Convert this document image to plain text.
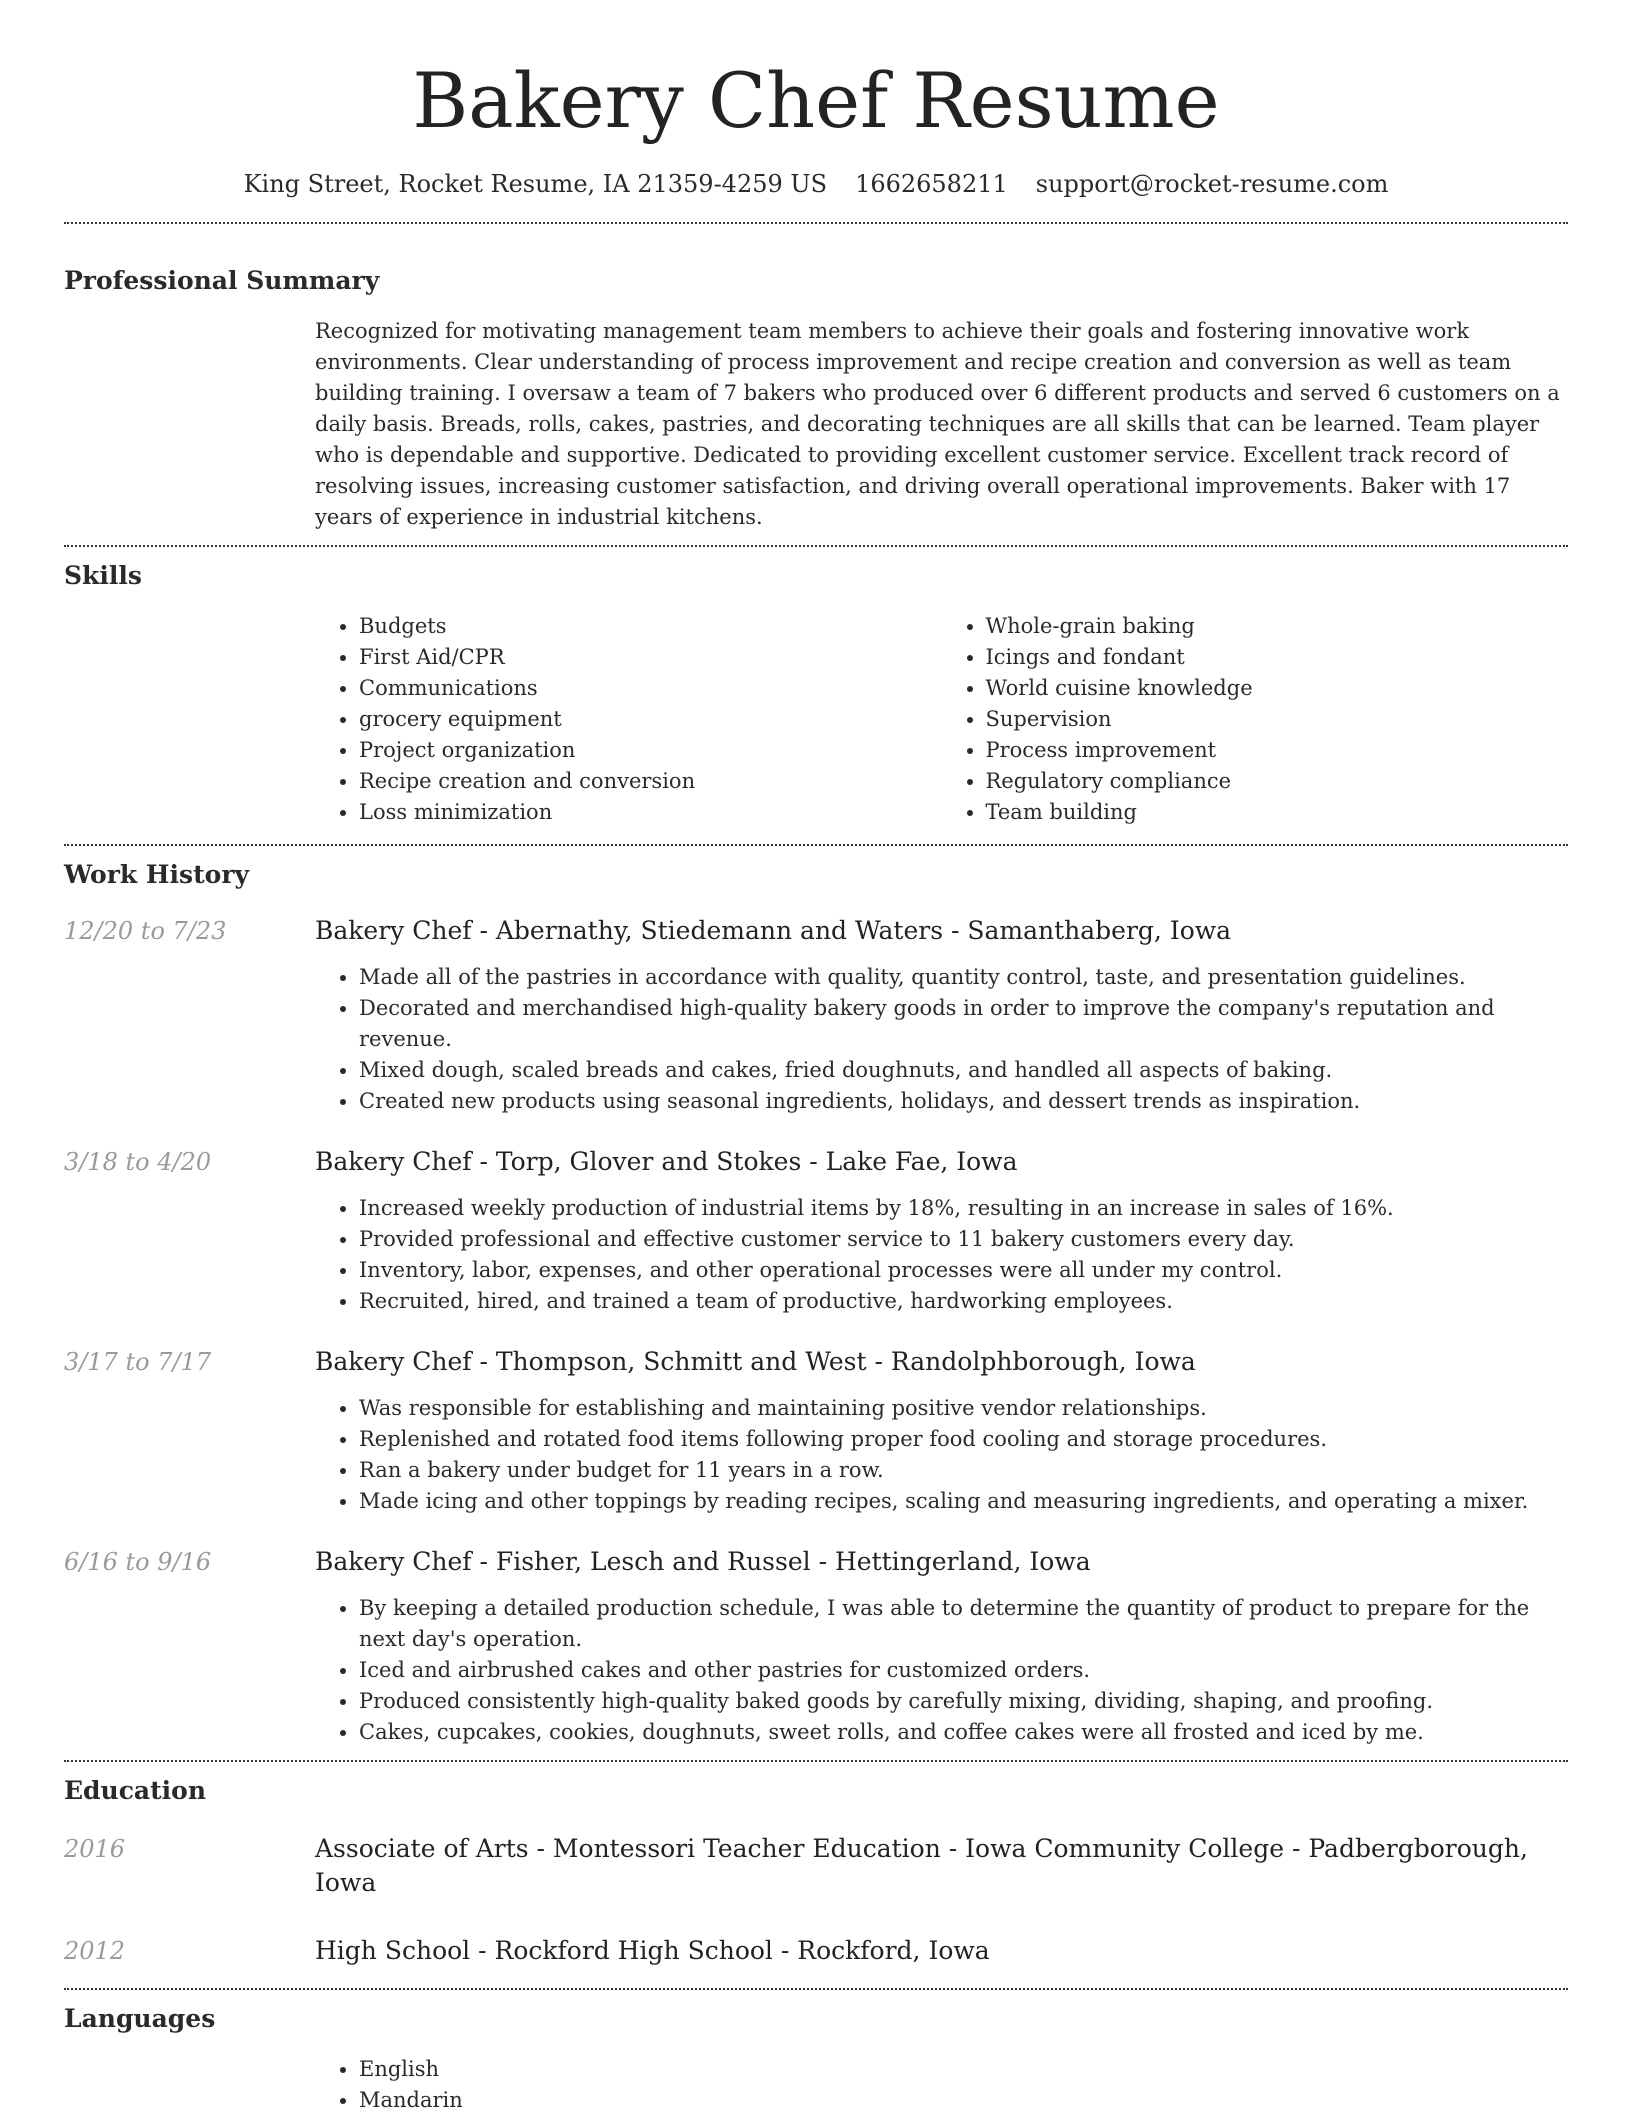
Bakery Chef Resume
King Street, Rocket Resume, IA 21359-4259 US 1662658211 support@rocket-resume.com
Professional Summary
Recognized for motivating management team members to achieve their goals and fostering innovative work environments. Clear understanding of process improvement and recipe creation and conversion as well as team building training. I oversaw a team of 7 bakers who produced over 6 different products and served 6 customers on a daily basis. Breads, rolls, cakes, pastries, and decorating techniques are all skills that can be learned. Team player who is dependable and supportive. Dedicated to providing excellent customer service. Excellent track record of resolving issues, increasing customer satisfaction, and driving overall operational improvements. Baker with 17 years of experience in industrial kitchens.
Skills
• Budgets
• First Aid/CPR
• Communications
• grocery equipment
• Project organization
• Recipe creation and conversion
• Loss minimization
• Whole-grain baking
• Icings and fondant
• World cuisine knowledge
• Supervision
• Process improvement
• Regulatory compliance
• Team building
Work History
12/20 to 7/23	Bakery Chef - Abernathy, Stiedemann and Waters - Samanthaberg, Iowa
• Made all of the pastries in accordance with quality, quantity control, taste, and presentation guidelines.
• Decorated and merchandised high-quality bakery goods in order to improve the company's reputation and revenue.
• Mixed dough, scaled breads and cakes, fried doughnuts, and handled all aspects of baking.
• Created new products using seasonal ingredients, holidays, and dessert trends as inspiration.
3/18 to 4/20	Bakery Chef - Torp, Glover and Stokes - Lake Fae, Iowa
• Increased weekly production of industrial items by 18%, resulting in an increase in sales of 16%.
• Provided professional and effective customer service to 11 bakery customers every day.
• Inventory, labor, expenses, and other operational processes were all under my control.
• Recruited, hired, and trained a team of productive, hardworking employees.
3/17 to 7/17	Bakery Chef - Thompson, Schmitt and West - Randolphborough, Iowa
• Was responsible for establishing and maintaining positive vendor relationships.
• Replenished and rotated food items following proper food cooling and storage procedures.
• Ran a bakery under budget for 11 years in a row.
• Made icing and other toppings by reading recipes, scaling and measuring ingredients, and operating a mixer.
6/16 to 9/16	Bakery Chef - Fisher, Lesch and Russel - Hettingerland, Iowa
• By keeping a detailed production schedule, I was able to determine the quantity of product to prepare for the next day's operation.
• Iced and airbrushed cakes and other pastries for customized orders.
• Produced consistently high-quality baked goods by carefully mixing, dividing, shaping, and proofing.
• Cakes, cupcakes, cookies, doughnuts, sweet rolls, and coffee cakes were all frosted and iced by me.
Education
2016	Associate of Arts - Montessori Teacher Education - Iowa Community College - Padbergborough, Iowa
2012	High School - Rockford High School - Rockford, Iowa
Languages
• English
• Mandarin
